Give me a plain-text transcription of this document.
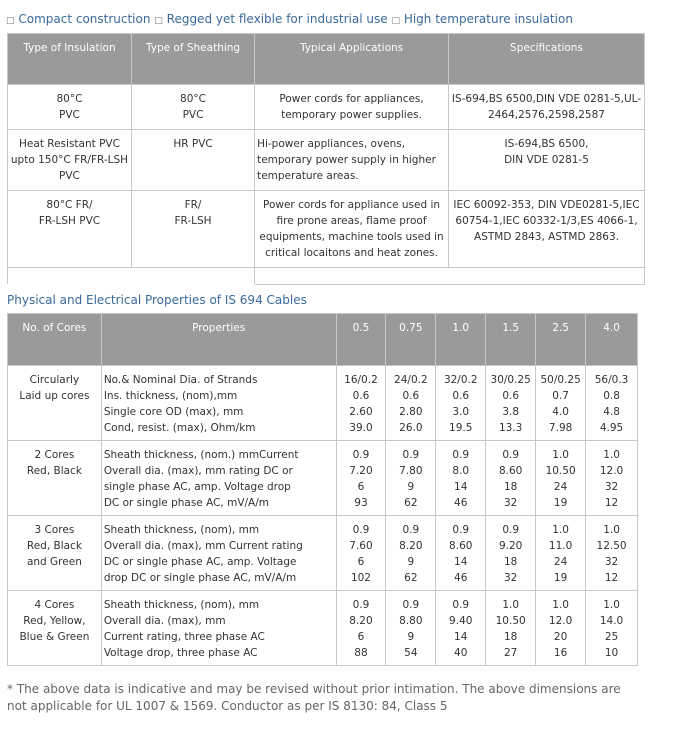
□ Compact construction □ Regged yet flexible for industrial use □ High temperature insulation
Type of Insulation	Type of Sheathing	Typical Applications	Specifications

80°C
PVC	80°C
PVC	Power cords for appliances,
temporary power supplies.	IS-694,BS 6500,DIN VDE 0281-5,UL-
2464,2576,2598,2587

Heat Resistant PVC
upto 150°C FR/FR-LSH
PVC	HR PVC	Hi-power appliances, ovens,
temporary power supply in higher
temperature areas.	IS-694,BS 6500,
DIN VDE 0281-5

80°C FR/
FR-LSH PVC	FR/
FR-LSH	Power cords for appliance used in
fire prone areas, flame proof
equipments, machine tools used in
critical locaitons and heat zones.	IEC 60092-353, DIN VDE0281-5,IEC
60754-1,IEC 60332-1/3,ES 4066-1,
ASTMD 2843, ASTMD 2863.

Physical and Electrical Properties of IS 694 Cables
No. of Cores	Properties	0.5	0.75	1.0	1.5	2.5	4.0

Circularly
Laid up cores	No.& Nominal Dia. of Strands
Ins. thickness, (nom),mm
Single core OD (max), mm
Cond, resist. (max), Ohm/km	16/0.2
0.6
2.60
39.0	24/0.2
0.6
2.80
26.0	32/0.2
0.6
3.0
19.5	30/0.25
0.6
3.8
13.3	50/0.25
0.7
4.0
7.98	56/0.3
0.8
4.8
4.95

2 Cores
Red, Black	Sheath thickness, (nom.) mmCurrent
Overall dia. (max), mm rating DC or
single phase AC, amp. Voltage drop
DC or single phase AC, mV/A/m	0.9
7.20
6
93	0.9
7.80
9
62	0.9
8.0
14
46	0.9
8.60
18
32	1.0
10.50
24
19	1.0
12.0
32
12

3 Cores
Red, Black
and Green	Sheath thickness, (nom), mm
Overall dia. (max), mm Current rating
DC or single phase AC, amp. Voltage
drop DC or single phase AC, mV/A/m	0.9
7.60
6
102	0.9
8.20
9
62	0.9
8.60
14
46	0.9
9.20
18
32	1.0
11.0
24
19	1.0
12.50
32
12

4 Cores
Red, Yellow,
Blue & Green	Sheath thickness, (nom), mm
Overall dia. (max), mm
Current rating, three phase AC
Voltage drop, three phase AC	0.9
8.20
6
88	0.9
8.80
9
54	0.9
9.40
14
40	1.0
10.50
18
27	1.0
12.0
20
16	1.0
14.0
25
10
* The above data is indicative and may be revised without prior intimation. The above dimensions are not applicable for UL 1007 & 1569. Conductor as per IS 8130: 84, Class 5
